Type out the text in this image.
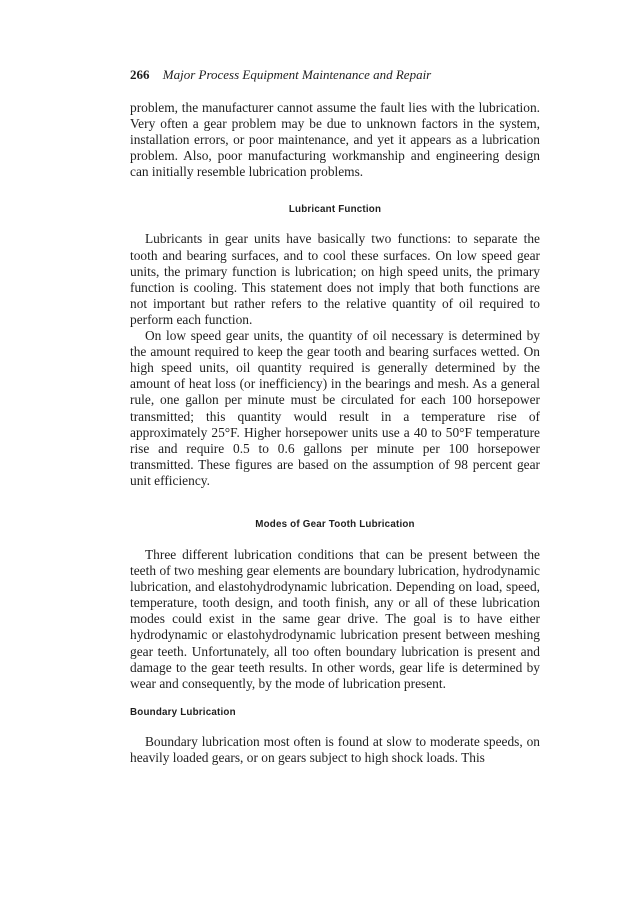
266 Major Process Equipment Maintenance and Repair

problem, the manufacturer cannot assume the fault lies with the lubrication. Very often a gear problem may be due to unknown factors in the system, installation errors, or poor maintenance, and yet it appears as a lubrication problem. Also, poor manufacturing workmanship and engineering design can initially resemble lubrication problems.

Lubricant Function

Lubricants in gear units have basically two functions: to separate the tooth and bearing surfaces, and to cool these surfaces. On low speed gear units, the primary function is lubrication; on high speed units, the primary function is cooling. This statement does not imply that both functions are not important but rather refers to the relative quantity of oil required to perform each function.

On low speed gear units, the quantity of oil necessary is determined by the amount required to keep the gear tooth and bearing surfaces wetted. On high speed units, oil quantity required is generally determined by the amount of heat loss (or inefficiency) in the bearings and mesh. As a general rule, one gallon per minute must be circulated for each 100 horsepower transmitted; this quantity would result in a temperature rise of approximately 25°F. Higher horsepower units use a 40 to 50°F temperature rise and require 0.5 to 0.6 gallons per minute per 100 horsepower transmitted. These figures are based on the assumption of 98 percent gear unit efficiency.

Modes of Gear Tooth Lubrication

Three different lubrication conditions that can be present between the teeth of two meshing gear elements are boundary lubrication, hydrodynamic lubrication, and elastohydrodynamic lubrication. Depending on load, speed, temperature, tooth design, and tooth finish, any or all of these lubrication modes could exist in the same gear drive. The goal is to have either hydrodynamic or elastohydrodynamic lubrication present between meshing gear teeth. Unfortunately, all too often boundary lubrication is present and damage to the gear teeth results. In other words, gear life is determined by wear and consequently, by the mode of lubrication present.

Boundary Lubrication

Boundary lubrication most often is found at slow to moderate speeds, on heavily loaded gears, or on gears subject to high shock loads. This
